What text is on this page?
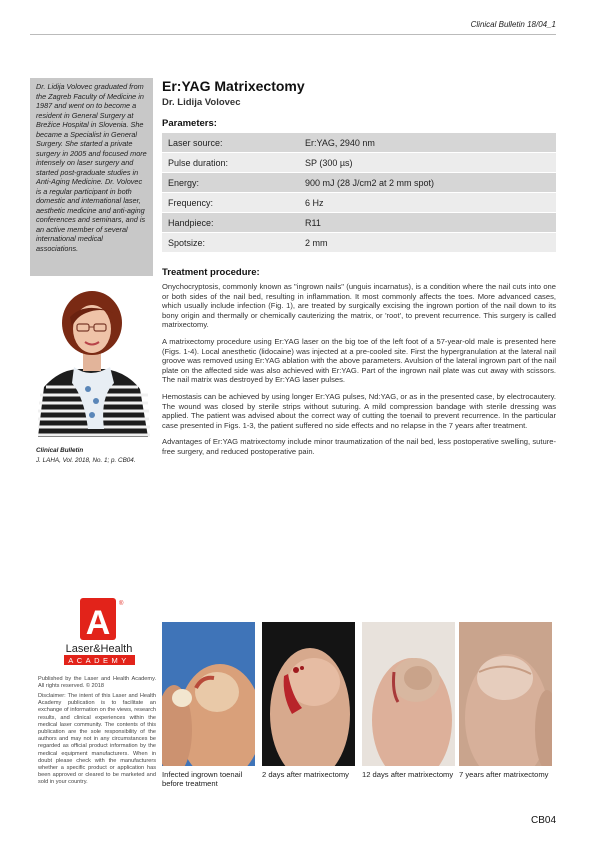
Clinical Bulletin 18/04_1
Dr. Lidija Volovec graduated from the Zagreb Faculty of Medicine in 1987 and went on to become a resident in General Surgery at Brežice Hospital in Slovenia. She became a Specialist in General Surgery. She started a private surgery in 2005 and focused more intensely on laser surgery and started post-graduate studies in Anti-Aging Medicine. Dr. Volovec is a regular participant in both domestic and international laser, aesthetic medicine and anti-aging conferences and seminars, and is an active member of several international medical associations.
Clinical Bulletin
J. LAHA, Vol. 2018, No. 1; p. CB04.
Er:YAG Matrixectomy
Dr. Lidija Volovec
Parameters:
Laser source:	Er:YAG, 2940 nm
Pulse duration:	SP (300 µs)
Energy:	900 mJ (28 J/cm2 at 2 mm spot)
Frequency:	6 Hz
Handpiece:	R11
Spotsize:	2 mm
Treatment procedure:

Onychocryptosis, commonly known as "ingrown nails" (unguis incarnatus), is a condition where the nail cuts into one or both sides of the nail bed, resulting in inflammation. It most commonly affects the toes. More advanced cases, which usually include infection (Fig. 1), are treated by surgically excising the ingrown portion of the nail down to its bony origin and thermally or chemically cauterizing the matrix, or 'root', to prevent recurrence. This surgery is called matrixectomy.

A matrixectomy procedure using Er:YAG laser on the big toe of the left foot of a 57-year-old male is presented here (Figs. 1-4). Local anesthetic (lidocaine) was injected at a pre-cooled site. First the hypergranulation at the lateral nail groove was removed using Er:YAG ablation with the above parameters. Avulsion of the lateral ingrown part of the nail plate on the affected side was also achieved with Er:YAG. Part of the ingrown nail plate was cut away with scissors. The nail matrix was destroyed by Er:YAG laser pulses.

Hemostasis can be achieved by using longer Er:YAG pulses, Nd:YAG, or as in the presented case, by electrocautery. The wound was closed by sterile strips without suturing. A mild compression bandage with sterile dressing was applied. The patient was advised about the correct way of cutting the toenail to prevent recurrence. In the particular case presented in Figs. 1-3, the patient suffered no side effects and no relapse in the 7 years after treatment.

Advantages of Er:YAG matrixectomy include minor traumatization of the nail bed, less postoperative swelling, suture-free surgery, and reduced postoperative pain.

A ®
Laser&Health
ACADEMY
Published by the Laser and Health Academy. All rights reserved. © 2018
Disclaimer: The intent of this Laser and Health Academy publication is to facilitate an exchange of information on the views, research results, and clinical experiences within the medical laser community. The contents of this publication are the sole responsibility of the authors and may not in any circumstances be regarded as official product information by the medical equipment manufacturers. When in doubt please check with the manufacturers whether a specific product or application has been approved or cleared to be marketed and sold in your country.
Infected ingrown toenail before treatment
2 days after matrixectomy	12 days after matrixectomy 7 years after matrixectomy
CB04
